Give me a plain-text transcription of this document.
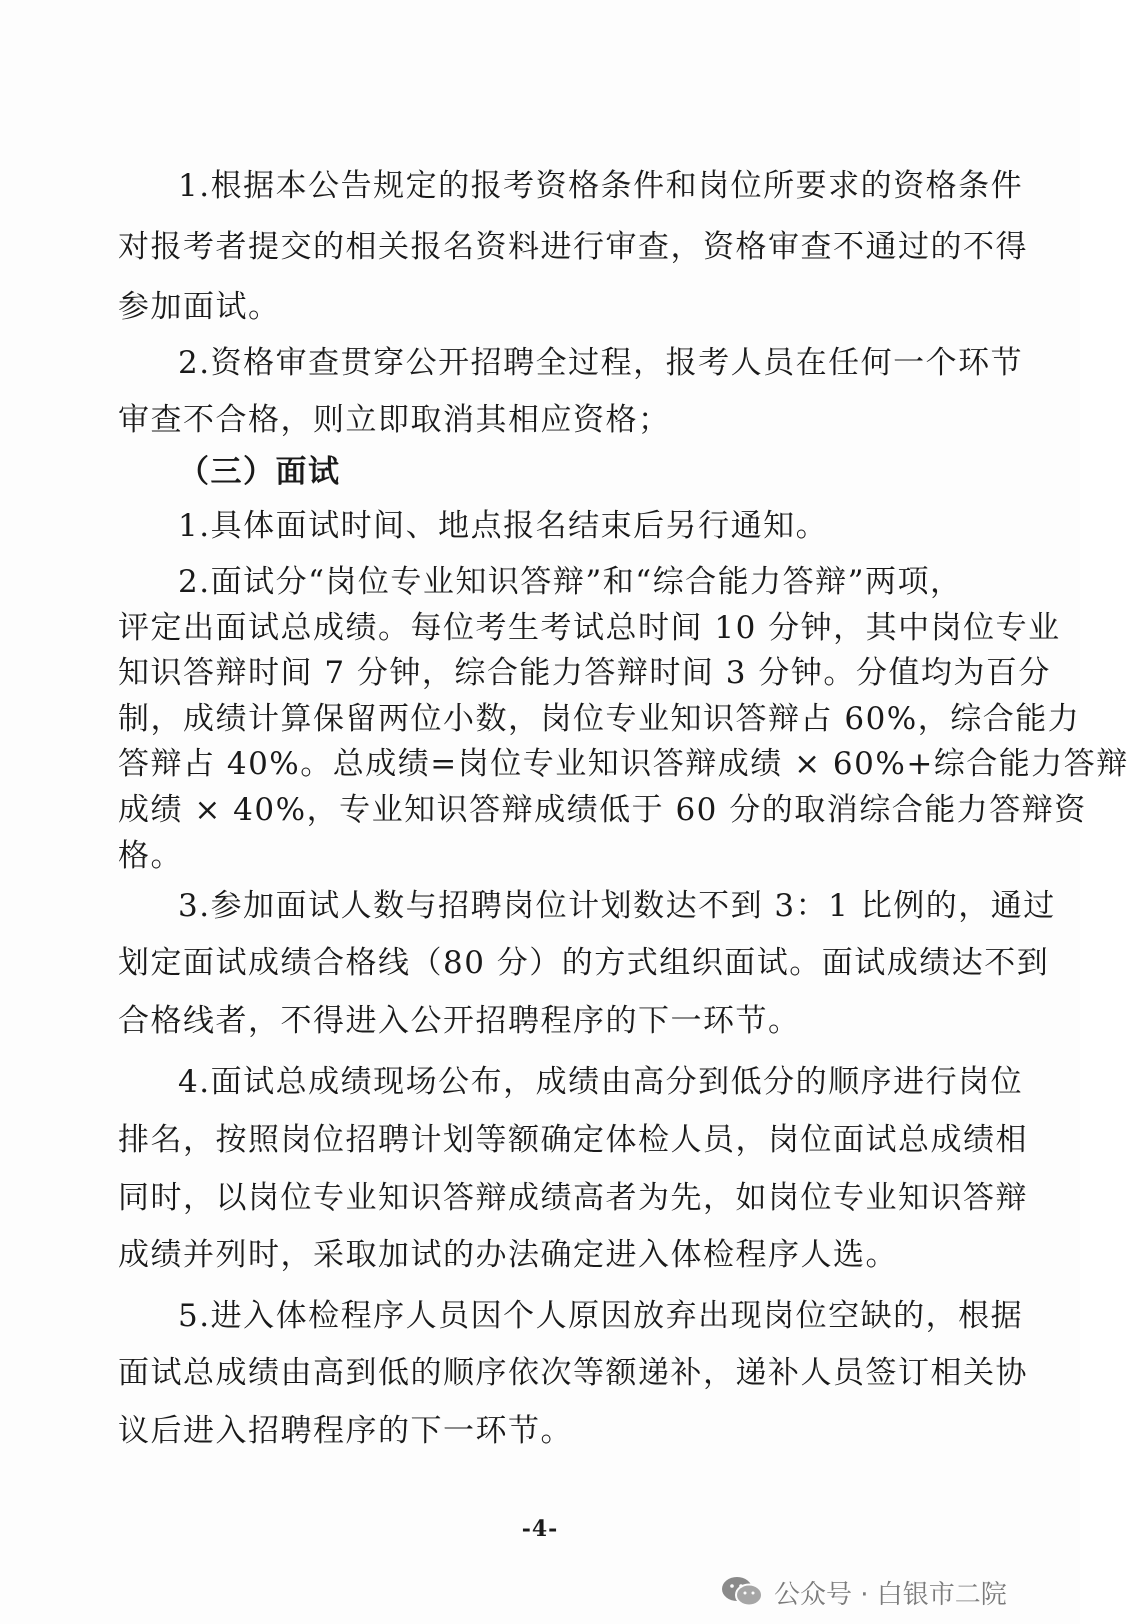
1.根据本公告规定的报考资格条件和岗位所要求的资格条件
对报考者提交的相关报名资料进行审查，资格审查不通过的不得
参加面试。
2.资格审查贯穿公开招聘全过程，报考人员在任何一个环节
审查不合格，则立即取消其相应资格；
（三）面试
1.具体面试时间、地点报名结束后另行通知。
2.面试分“岗位专业知识答辩”和“综合能力答辩”两项，
评定出面试总成绩。每位考生考试总时间 10 分钟，其中岗位专业
知识答辩时间 7 分钟，综合能力答辩时间 3 分钟。分值均为百分
制，成绩计算保留两位小数，岗位专业知识答辩占 60%，综合能力
答辩占 40%。总成绩=岗位专业知识答辩成绩 × 60%+综合能力答辩
成绩 × 40%，专业知识答辩成绩低于 60 分的取消综合能力答辩资
格。
3.参加面试人数与招聘岗位计划数达不到 3：1 比例的，通过
划定面试成绩合格线（80 分）的方式组织面试。面试成绩达不到
合格线者，不得进入公开招聘程序的下一环节。
4.面试总成绩现场公布，成绩由高分到低分的顺序进行岗位
排名，按照岗位招聘计划等额确定体检人员，岗位面试总成绩相
同时，以岗位专业知识答辩成绩高者为先，如岗位专业知识答辩
成绩并列时，采取加试的办法确定进入体检程序人选。
5.进入体检程序人员因个人原因放弃出现岗位空缺的，根据
面试总成绩由高到低的顺序依次等额递补，递补人员签订相关协
议后进入招聘程序的下一环节。
-4-
公众号 · 白银市二院
